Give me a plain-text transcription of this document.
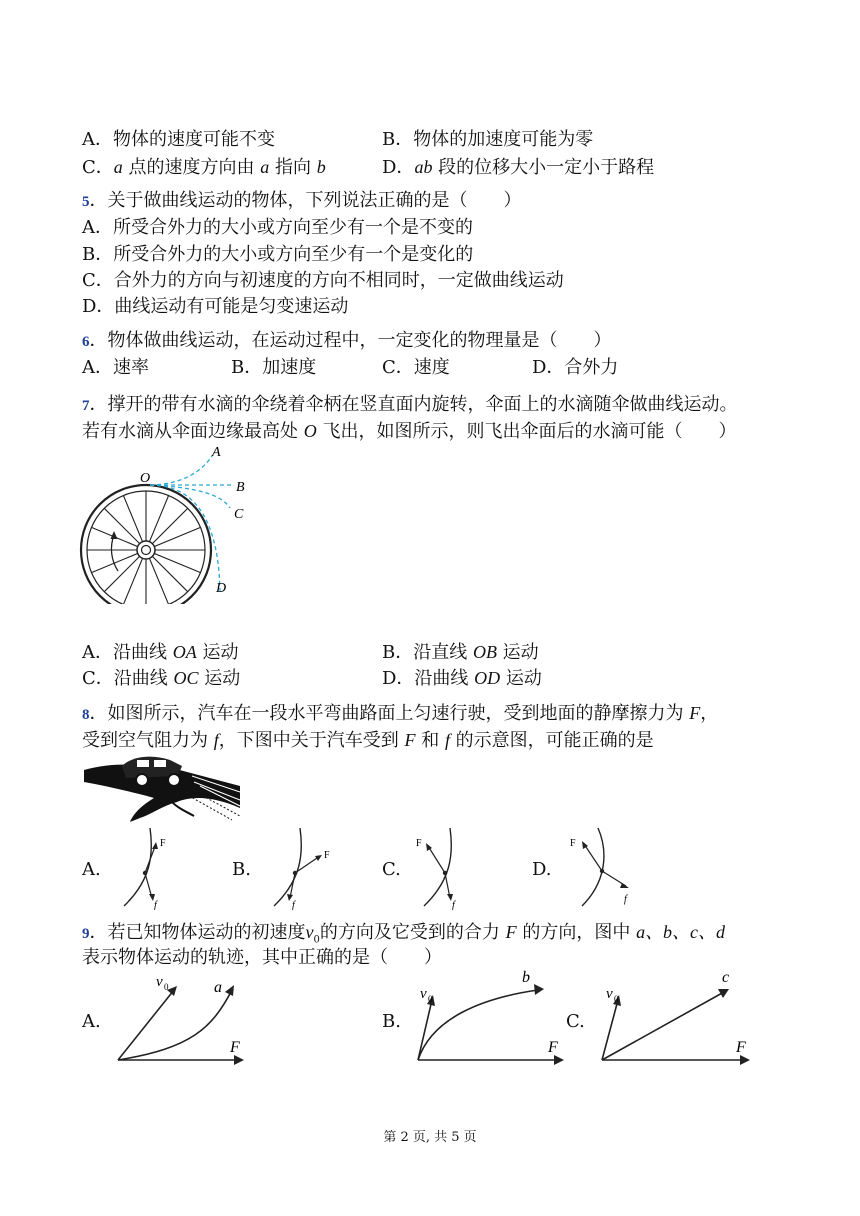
A．物体的速度可能不变	B．物体的加速度可能为零
C．a 点的速度方向由 a 指向 b	D．ab 段的位移大小一定小于路程
5．关于做曲线运动的物体，下列说法正确的是（　　）
A．所受合外力的大小或方向至少有一个是不变的
B．所受合外力的大小或方向至少有一个是变化的
C．合外力的方向与初速度的方向不相同时，一定做曲线运动
D．曲线运动有可能是匀变速运动
6．物体做曲线运动，在运动过程中，一定变化的物理量是（　　）
A．速率	B．加速度	C．速度	D．合外力
7．撑开的带有水滴的伞绕着伞柄在竖直面内旋转，伞面上的水滴随伞做曲线运动。
若有水滴从伞面边缘最高处 O 飞出，如图所示，则飞出伞面后的水滴可能（　　）
O
A
B
C
D
A．沿曲线 OA 运动	B．沿直线 OB 运动
C．沿曲线 OC 运动	D．沿曲线 OD 运动
8．如图所示，汽车在一段水平弯曲路面上匀速行驶，受到地面的静摩擦力为 F，
受到空气阻力为 f，下图中关于汽车受到 F 和 f 的示意图，可能正确的是
A.
F
f
B.
F
f
C.
F
f
D.
F
f
9．若已知物体运动的初速度$v_0$的方向及它受到的合力 F 的方向，图中 a、b、c、d
表示物体运动的轨迹，其中正确的是（　　）
A.
v 0	a
F
B.
v 0
b
F
C.
v 0
c
F
第 2 页, 共 5 页
